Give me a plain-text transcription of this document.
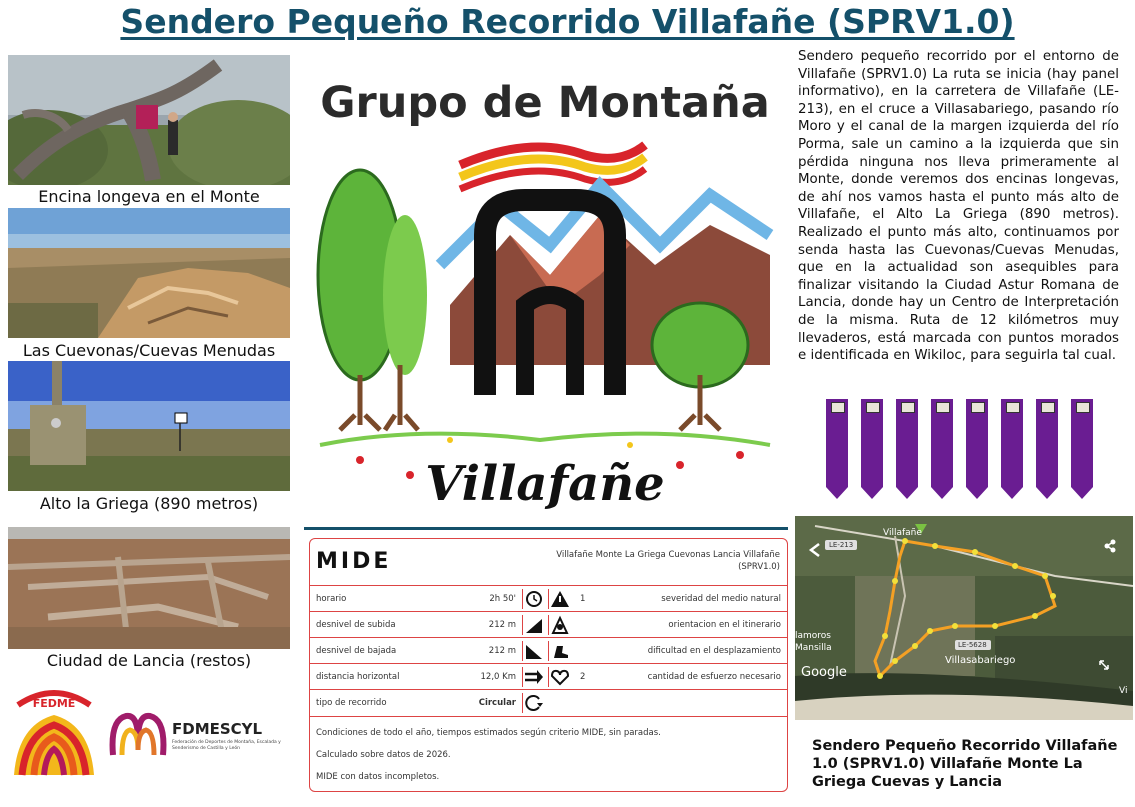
Sendero Pequeño Recorrido Villafañe (SPRV1.0)
Encina longeva en el Monte
Las Cuevonas/Cuevas Menudas
Alto la Griega (890 metros)
Ciudad de Lancia (restos)
FEDME
FDMESCYL
Federación de Deportes de Montaña, Escalada y Senderismo de Castilla y León
Grupo de Montaña
Villafañe
Sendero pequeño recorrido por el entorno de Villafañe (SPRV1.0) La ruta se inicia (hay panel informativo), en la carretera de Villafañe (LE-213), en el cruce a Villasabariego, pasando río Moro y el canal de la margen izquierda del río Porma, sale un camino a la izquierda que sin pérdida ninguna nos lleva primeramente al Monte, donde veremos dos encinas longevas, de ahí nos vamos hasta el punto más alto de Villafañe, el Alto La Griega (890 metros). Realizado el punto más alto, continuamos por senda hasta las Cuevonas/Cuevas Menudas, que en la actualidad son asequibles para finalizar visitando la Ciudad Astur Romana de Lancia, donde hay un Centro de Interpretación de la misma. Ruta de 12 kilómetros muy llevaderos, está marcada con puntos morados e identificada en Wikiloc, para seguirla tal cual.
MIDE	Villafañe Monte La Griega Cuevonas Lancia Villafañe (SPRV1.0)
horario	2h 50'	1	severidad del medio natural
desnivel de subida	212 m	orientacion en el itinerario
desnivel de bajada	212 m	dificultad en el desplazamiento
distancia horizontal	12,0 Km	2	cantidad de esfuerzo necesario
tipo de recorrido	Circular
Condiciones de todo el año, tiempos estimados según criterio MIDE, sin paradas.
Calculado sobre datos de 2026.
MIDE con datos incompletos.
LE-213
Villafañe
LE-5628
Villasabariego
lamoros Mansilla
Google
Vi
Sendero Pequeño Recorrido Villafañe 1.0 (SPRV1.0) Villafañe Monte La Griega Cuevas y Lancia
